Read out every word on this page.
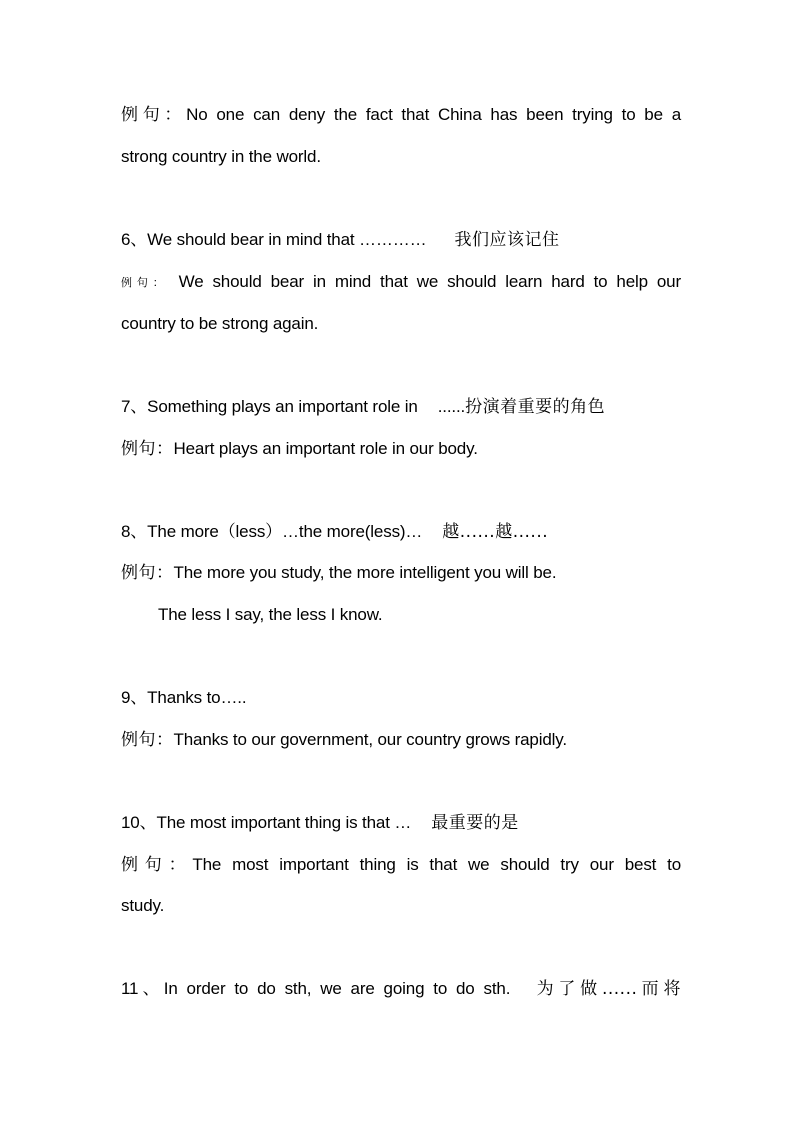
例句：No one can deny the fact that China has been trying to be a
strong country in the world.
6、We should bear in mind that ………… 我们应该记住
例句： We should bear in mind that we should learn hard to help our
country to be strong again.
7、Something plays an important role in ......扮演着重要的角色
例句：Heart plays an important role in our body.
8、The more（less）…the more(less)… 越......越......
例句：The more you study, the more intelligent you will be.
The less I say, the less I know.
9、Thanks to…..
例句：Thanks to our government, our country grows rapidly.
10、The most important thing is that … 最重要的是
例句：The most important thing is that we should try our best to
study.
11、In order to do sth, we are going to do sth. 为了做......而将
